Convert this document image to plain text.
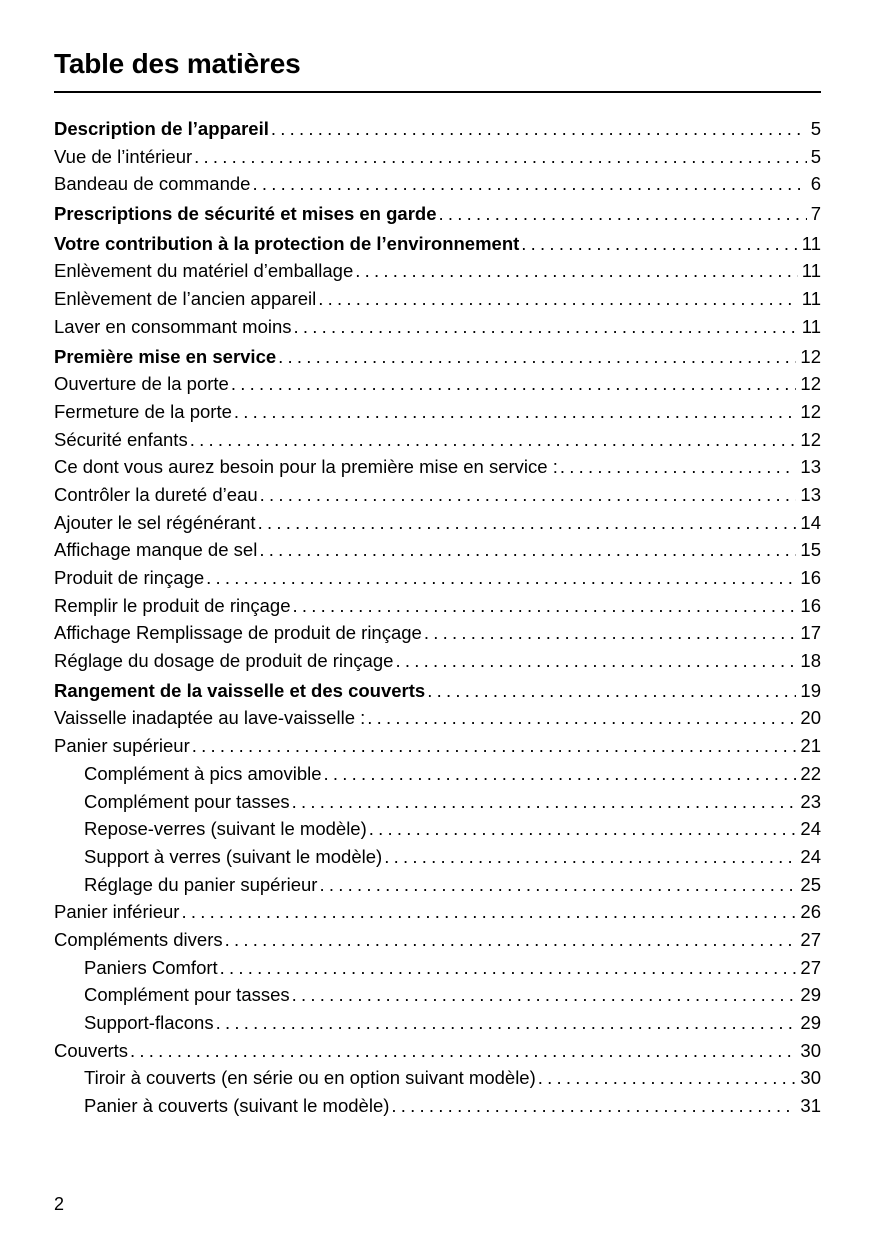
Table des matières
Description de l’appareil . . .	5
Vue de l’intérieur . . .	5
Bandeau de commande . . .	6
Prescriptions de sécurité et mises en garde . . .	7
Votre contribution à la protection de l’environnement . . .	11
Enlèvement du matériel d’emballage . . .	11
Enlèvement de l’ancien appareil . . .	11
Laver en consommant moins . . .	11
Première mise en service . . .	12
Ouverture de la porte . . .	12
Fermeture de la porte . . .	12
Sécurité enfants . . .	12
Ce dont vous aurez besoin pour la première mise en service : . . .	13
Contrôler la dureté d’eau . . .	13
Ajouter le sel régénérant . . .	14
Affichage manque de sel . . .	15
Produit de rinçage . . .	16
Remplir le produit de rinçage . . .	16
Affichage Remplissage de produit de rinçage . . .	17
Réglage du dosage de produit de rinçage . . .	18
Rangement de la vaisselle et des couverts . . .	19
Vaisselle inadaptée au lave-vaisselle : . . .	20
Panier supérieur . . .	21
Complément à pics amovible . . .	22
Complément pour tasses . . .	23
Repose-verres (suivant le modèle) . . .	24
Support à verres (suivant le modèle) . . .	24
Réglage du panier supérieur . . .	25
Panier inférieur . . .	26
Compléments divers . . .	27
Paniers Comfort . . .	27
Complément pour tasses . . .	29
Support-flacons . . .	29
Couverts . . .	30
Tiroir à couverts (en série ou en option suivant modèle) . . .	30
Panier à couverts (suivant le modèle) . . .	31
2
